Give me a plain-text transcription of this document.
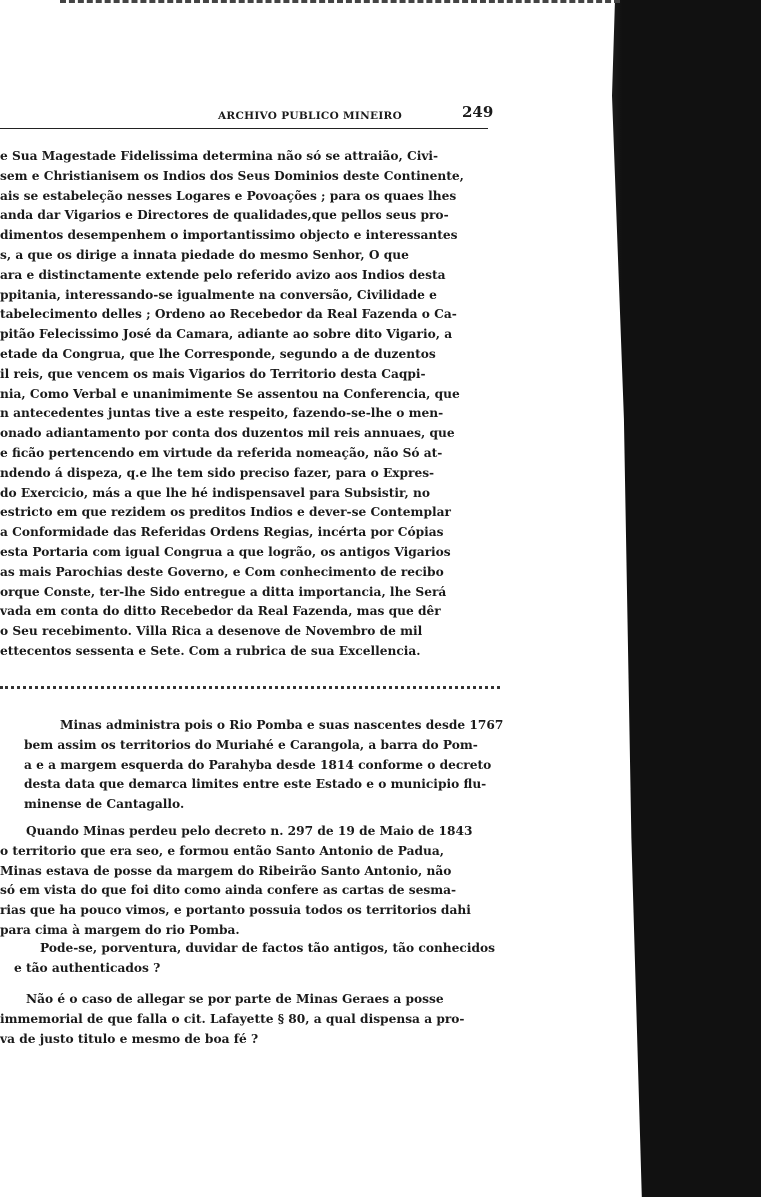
ARCHIVO PUBLICO MINEIRO	249

e Sua Magestade Fidelissima determina não só se attraião, Civi-
sem e Christianisem os Indios dos Seus Dominios deste Continente,
ais se estabeleção nesses Logares e Povoações ; para os quaes lhes
anda dar Vigarios e Directores de qualidades,que pellos seus pro-
dimentos desempenhem o importantissimo objecto e interessantes
s, a que os dirige a innata piedade do mesmo Senhor, O que
ara e distinctamente extende pelo referido avizo aos Indios desta
ppitania, interessando-se igualmente na conversão, Civilidade e
tabelecimento delles ; Ordeno ao Recebedor da Real Fazenda o Ca-
pitão Felecissimo José da Camara, adiante ao sobre dito Vigario, a
etade da Congrua, que lhe Corresponde, segundo a de duzentos
il reis, que vencem os mais Vigarios do Territorio desta Caqpi-
nia, Como Verbal e unanimimente Se assentou na Conferencia, que
n antecedentes juntas tive a este respeito, fazendo-se-lhe o men-
onado adiantamento por conta dos duzentos mil reis annuaes, que
e ficão pertencendo em virtude da referida nomeação, não Só at-
ndendo á dispeza, q.e lhe tem sido preciso fazer, para o Expres-
do Exercicio, más a que lhe hé indispensavel para Subsistir, no
estricto em que rezidem os preditos Indios e dever-se Contemplar
a Conformidade das Referidas Ordens Regias, incérta por Cópias
esta Portaria com igual Congrua a que logrão, os antigos Vigarios
as mais Parochias deste Governo, e Com conhecimento de recibo
orque Conste, ter-lhe Sido entregue a ditta importancia, lhe Será
vada em conta do ditto Recebedor da Real Fazenda, mas que dêr
o Seu recebimento. Villa Rica a desenove de Novembro de mil
ettecentos sessenta e Sete. Com a rubrica de sua Excellencia.

Minas administra pois o Rio Pomba e suas nascentes desde 1767
bem assim os territorios do Muriahé e Carangola, a barra do Pom-
a e a margem esquerda do Parahyba desde 1814 conforme o decreto
desta data que demarca limites entre este Estado e o municipio flu-
minense de Cantagallo.

Quando Minas perdeu pelo decreto n. 297 de 19 de Maio de 1843
o territorio que era seo, e formou então Santo Antonio de Padua,
Minas estava de posse da margem do Ribeirão Santo Antonio, não
só em vista do que foi dito como ainda confere as cartas de sesma-
rias que ha pouco vimos, e portanto possuia todos os territorios dahi
para cima à margem do rio Pomba.

Pode-se, porventura, duvidar de factos tão antigos, tão conhecidos
e tão authenticados ?

Não é o caso de allegar se por parte de Minas Geraes a posse
immemorial de que falla o cit. Lafayette § 80, a qual dispensa a pro-
va de justo titulo e mesmo de boa fé ?
